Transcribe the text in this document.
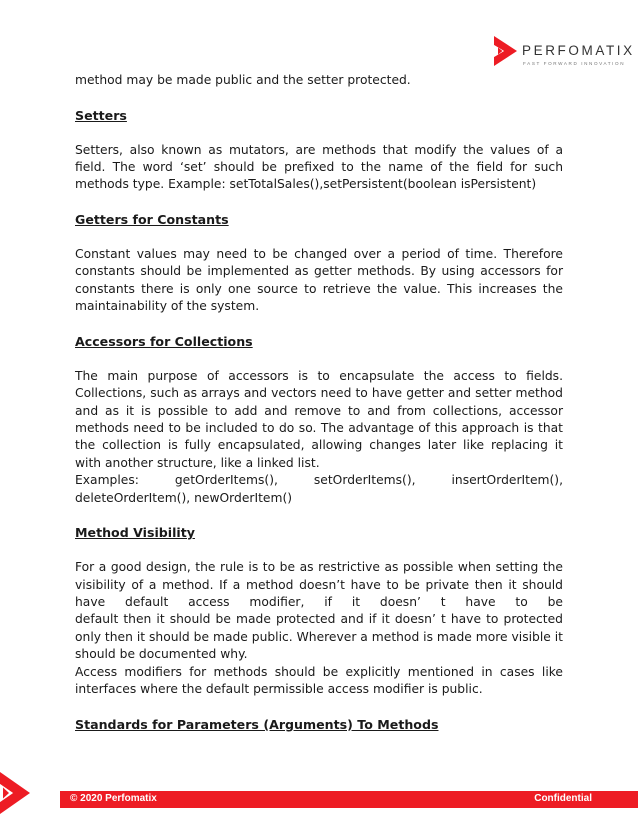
PERFOMATIX
FAST FORWARD INNOVATION

method may be made public and the setter protected.

Setters

Setters, also known as mutators, are methods that modify the values of a field. The word ‘set’ should be prefixed to the name of the field for such methods type. Example: setTotalSales(),setPersistent(boolean isPersistent)

Getters for Constants

Constant values may need to be changed over a period of time. Therefore constants should be implemented as getter methods. By using accessors for constants there is only one source to retrieve the value. This increases the maintainability of the system.

Accessors for Collections

The main purpose of accessors is to encapsulate the access to fields. Collections, such as arrays and vectors need to have getter and setter method and as it is possible to add and remove to and from collections, accessor methods need to be included to do so. The advantage of this approach is that the collection is fully encapsulated, allowing changes later like replacing it with another structure, like a linked list.

Examples: getOrderItems(), setOrderItems(), insertOrderItem(), deleteOrderItem(), newOrderItem()

Method Visibility

For a good design, the rule is to be as restrictive as possible when setting the visibility of a method. If a method doesn’t have to be private then it should have default access modifier, if it doesn’ t have to be

default then it should be made protected and if it doesn’ t have to protected only then it should be made public. Wherever a method is made more visible it should be documented why.

Access modifiers for methods should be explicitly mentioned in cases like interfaces where the default permissible access modifier is public.

Standards for Parameters (Arguments) To Methods
© 2020 Perfomatix	Confidential
